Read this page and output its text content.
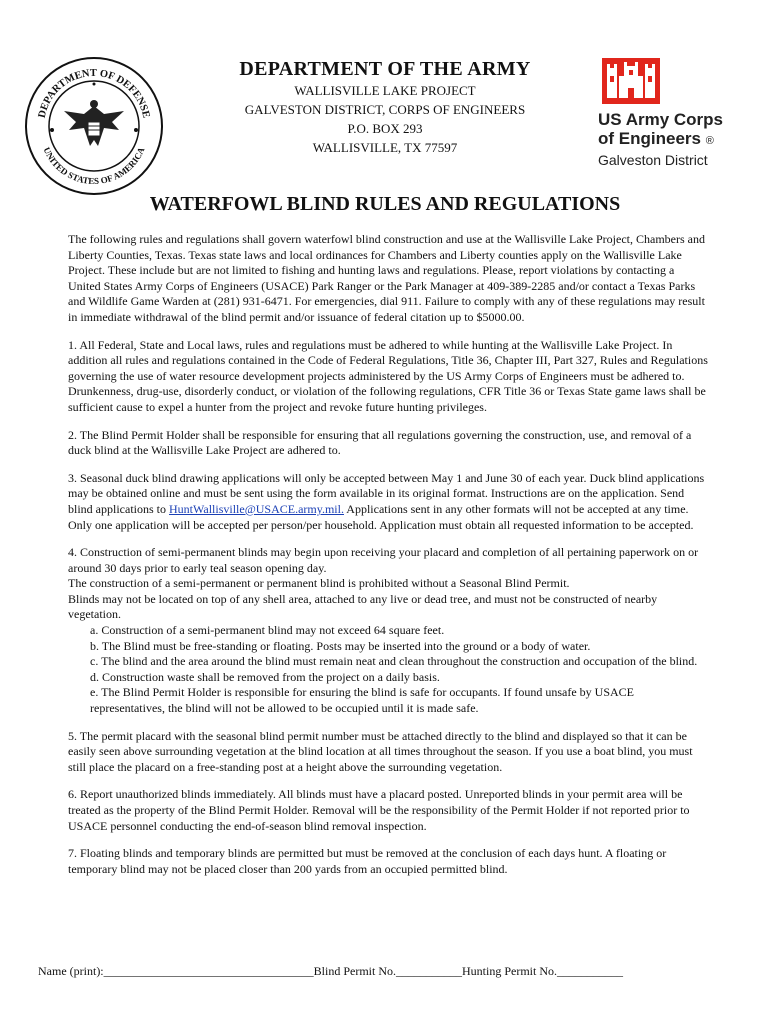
DEPARTMENT OF DEFENSE
UNITED STATES OF AMERICA
DEPARTMENT OF THE ARMY
WALLISVILLE LAKE PROJECT
GALVESTON DISTRICT, CORPS OF ENGINEERS
P.O. BOX 293
WALLISVILLE, TX 77597
US Army Corps
of Engineers ®
Galveston District
WATERFOWL BLIND RULES AND REGULATIONS

The following rules and regulations shall govern waterfowl blind construction and use at the Wallisville Lake Project, Chambers and Liberty Counties, Texas. Texas state laws and local ordinances for Chambers and Liberty counties apply on the Wallisville Lake Project. These include but are not limited to fishing and hunting laws and regulations. Please, report violations by contacting a United States Army Corps of Engineers (USACE) Park Ranger or the Park Manager at 409-389-2285 and/or contact a Texas Parks and Wildlife Game Warden at (281) 931-6471. For emergencies, dial 911. Failure to comply with any of these regulations may result in immediate withdrawal of the blind permit and/or issuance of federal citation up to $5000.00.

1. All Federal, State and Local laws, rules and regulations must be adhered to while hunting at the Wallisville Lake Project. In addition all rules and regulations contained in the Code of Federal Regulations, Title 36, Chapter III, Part 327, Rules and Regulations governing the use of water resource development projects administered by the US Army Corps of Engineers must be adhered to. Drunkenness, drug-use, disorderly conduct, or violation of the following regulations, CFR Title 36 or Texas State game laws shall be sufficient cause to expel a hunter from the project and revoke future hunting privileges.

2. The Blind Permit Holder shall be responsible for ensuring that all regulations governing the construction, use, and removal of a duck blind at the Wallisville Lake Project are adhered to.

3. Seasonal duck blind drawing applications will only be accepted between May 1 and June 30 of each year. Duck blind applications may be obtained online and must be sent using the form available in its original format. Instructions are on the application. Send blind applications to HuntWallisville@USACE.army.mil. Applications sent in any other formats will not be accepted at any time. Only one application will be accepted per person/per household. Application must obtain all requested information to be accepted.

4. Construction of semi-permanent blinds may begin upon receiving your placard and completion of all pertaining paperwork on or around 30 days prior to early teal season opening day.
The construction of a semi-permanent or permanent blind is prohibited without a Seasonal Blind Permit.
Blinds may not be located on top of any shell area, attached to any live or dead tree, and must not be constructed of nearby vegetation.

a. Construction of a semi-permanent blind may not exceed 64 square feet.
b. The Blind must be free-standing or floating. Posts may be inserted into the ground or a body of water.
c. The blind and the area around the blind must remain neat and clean throughout the construction and occupation of the blind.
d. Construction waste shall be removed from the project on a daily basis.
e. The Blind Permit Holder is responsible for ensuring the blind is safe for occupants. If found unsafe by USACE representatives, the blind will not be allowed to be occupied until it is made safe.

5. The permit placard with the seasonal blind permit number must be attached directly to the blind and displayed so that it can be easily seen above surrounding vegetation at the blind location at all times throughout the season. If you use a boat blind, you must still place the placard on a free-standing post at a height above the surrounding vegetation.

6. Report unauthorized blinds immediately. All blinds must have a placard posted. Unreported blinds in your permit area will be treated as the property of the Blind Permit Holder. Removal will be the responsibility of the Permit Holder if not reported prior to USACE personnel conducting the end-of-season blind removal inspection.

7. Floating blinds and temporary blinds are permitted but must be removed at the conclusion of each days hunt. A floating or temporary blind may not be placed closer than 200 yards from an occupied permitted blind.

Name (print):___________________________________Blind Permit No.___________Hunting Permit No.___________
